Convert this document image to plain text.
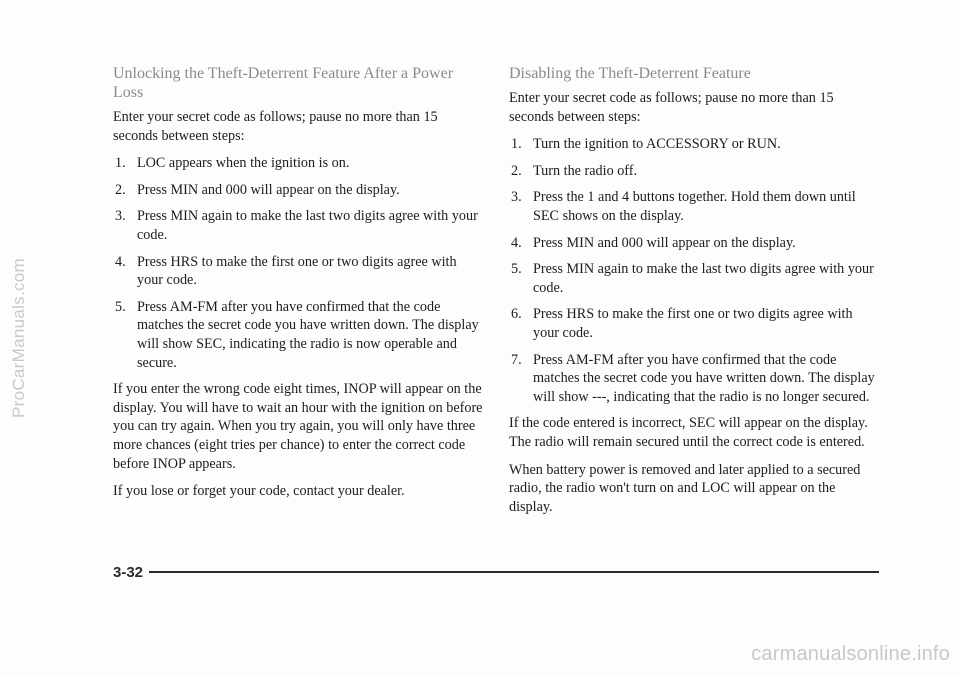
ProCarManuals.com
Unlocking the Theft-Deterrent Feature After a Power Loss

Enter your secret code as follows; pause no more than 15 seconds between steps:

1. LOC appears when the ignition is on.
2. Press MIN and 000 will appear on the display.
3. Press MIN again to make the last two digits agree with your code.
4. Press HRS to make the first one or two digits agree with your code.
5. Press AM-FM after you have confirmed that the code matches the secret code you have written down. The display will show SEC, indicating the radio is now operable and secure.

If you enter the wrong code eight times, INOP will appear on the display. You will have to wait an hour with the ignition on before you can try again. When you try again, you will only have three more chances (eight tries per chance) to enter the correct code before INOP appears.

If you lose or forget your code, contact your dealer.

Disabling the Theft-Deterrent Feature

Enter your secret code as follows; pause no more than 15 seconds between steps:

1. Turn the ignition to ACCESSORY or RUN.
2. Turn the radio off.
3. Press the 1 and 4 buttons together. Hold them down until SEC shows on the display.
4. Press MIN and 000 will appear on the display.
5. Press MIN again to make the last two digits agree with your code.
6. Press HRS to make the first one or two digits agree with your code.
7. Press AM-FM after you have confirmed that the code matches the secret code you have written down. The display will show ---, indicating that the radio is no longer secured.

If the code entered is incorrect, SEC will appear on the display. The radio will remain secured until the correct code is entered.

When battery power is removed and later applied to a secured radio, the radio won't turn on and LOC will appear on the display.

3-32
carmanualsonline.info
